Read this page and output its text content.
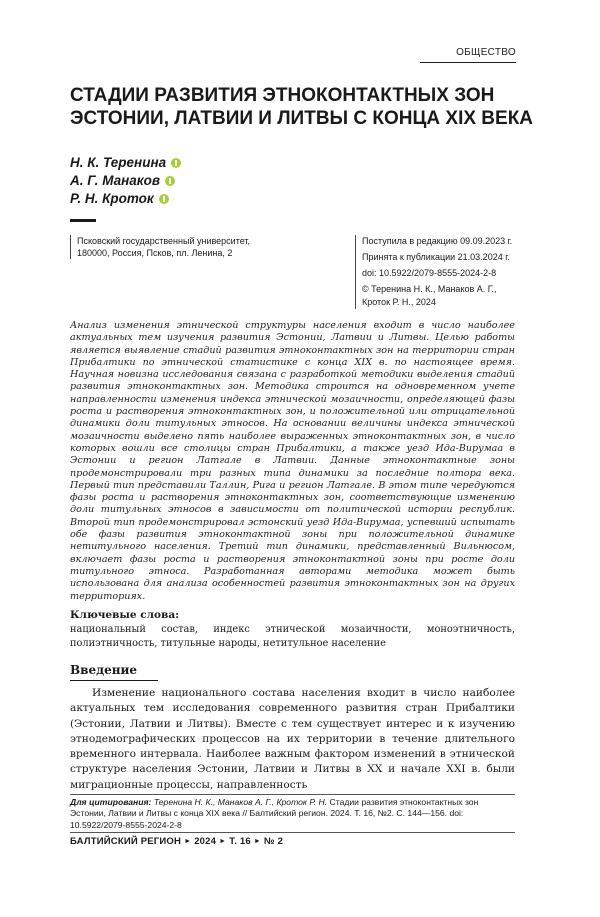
ОБЩЕСТВО
СТАДИИ РАЗВИТИЯ ЭТНОКОНТАКТНЫХ ЗОН ЭСТОНИИ, ЛАТВИИ И ЛИТВЫ С КОНЦА XIX ВЕКА
Н. К. Теренина
А. Г. Манаков
Р. Н. Кроток
Псковский государственный университет,
180000, Россия, Псков, пл. Ленина, 2
Поступила в редакцию 09.09.2023 г.
Принята к публикации 21.03.2024 г.
doi: 10.5922/2079-8555-2024-2-8
© Теренина Н. К., Манаков А. Г.,
Кроток Р. Н., 2024

Анализ изменения этнической структуры населения входит в число наиболее актуальных тем изучения развития Эстонии, Латвии и Литвы. Целью работы является выявление стадий развития этноконтактных зон на территории стран Прибалтики по этнической статистике с конца XIX в. по настоящее время. Научная новизна исследования связана с разработкой методики выделения стадий развития этноконтактных зон. Методика строится на одновременном учете направленности изменения индекса этнической мозаичности, определяющей фазы роста и растворения этноконтактных зон, и положительной или отрицательной динамики доли титульных этносов. На основании величины индекса этнической мозаичности выделено пять наиболее выраженных этноконтактных зон, в число которых вошли все столицы стран Прибалтики, а также уезд Ида-Вирумаа в Эстонии и регион Латгале в Латвии. Данные этноконтактные зоны продемонстрировали три разных типа динамики за последние полтора века. Первый тип представили Таллин, Рига и регион Латгале. В этом типе чередуются фазы роста и растворения этноконтактных зон, соответствующие изменению доли титульных этносов в зависимости от политической истории республик. Второй тип продемонстрировал эстонский уезд Ида-Вирумаа, успевший испытать обе фазы развития этноконтактной зоны при положительной динамике нетитульного населения. Третий тип динамики, представленный Вильнюсом, включает фазы роста и растворения этноконтактной зоны при росте доли титульного этноса. Разработанная авторами методика может быть использована для анализа особенностей развития этноконтактных зон на других территориях.

Ключевые слова:

национальный состав, индекс этнической мозаичности, моноэтничность, полиэтничность, титульные народы, нетитульное население

Введение

Изменение национального состава населения входит в число наиболее актуальных тем исследования современного развития стран Прибалтики (Эстонии, Латвии и Литвы). Вместе с тем существует интерес и к изучению этнодемографических процессов на их территории в течение длительного временного интервала. Наиболее важным фактором изменений в этнической структуре населения Эстонии, Латвии и Литвы в XX и начале XXI в. были миграционные процессы, направленность

Для цитирования: Теренина Н. К., Манаков А. Г., Кроток Р. Н. Стадии развития этноконтактных зон Эстонии, Латвии и Литвы с конца XIX века // Балтийский регион. 2024. Т. 16, №2. С. 144—156. doi: 10.5922/2079-8555-2024-2-8

БАЛТИЙСКИЙ РЕГИОН ► 2024 ► Т. 16 ► № 2
